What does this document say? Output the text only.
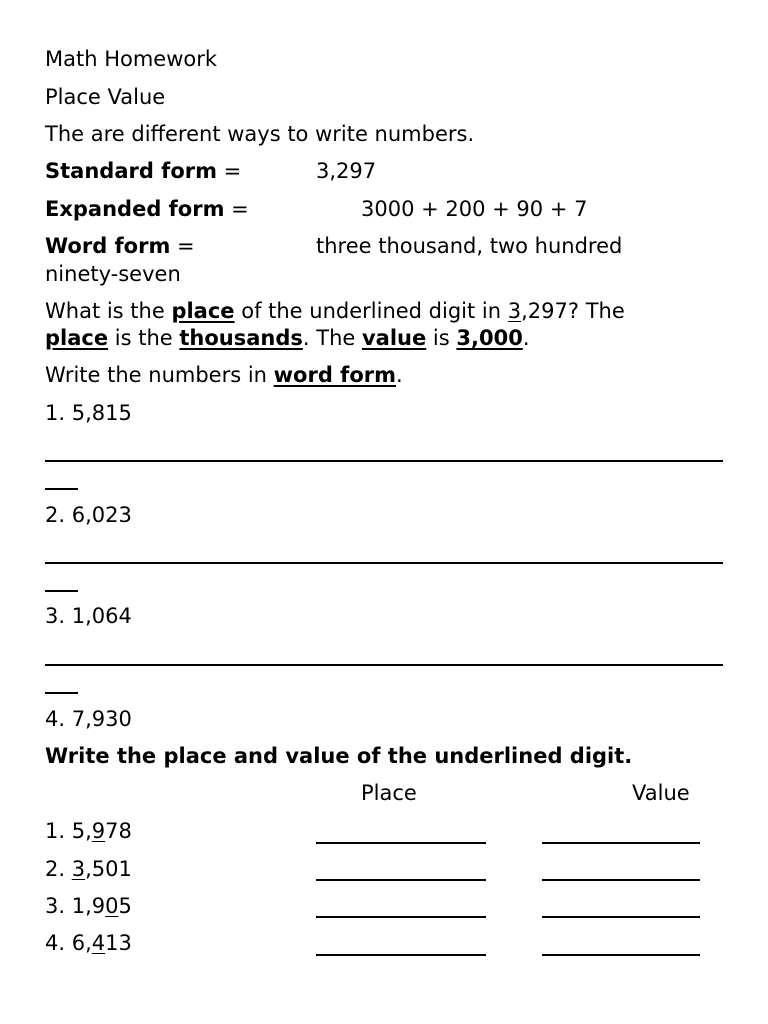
Math Homework
Place Value
The are different ways to write numbers.
Standard form =	3,297
Expanded form =	3000 + 200 + 90 + 7
Word form =	three thousand, two hundred
ninety-seven
What is the place of the underlined digit in 3,297? The
place is the thousands. The value is 3,000.
Write the numbers in word form.
1. 5,815
2. 6,023
3. 1,064
4. 7,930
Write the place and value of the underlined digit.
Place	Value
1. 5,978
2. 3,501
3. 1,905
4. 6,413
